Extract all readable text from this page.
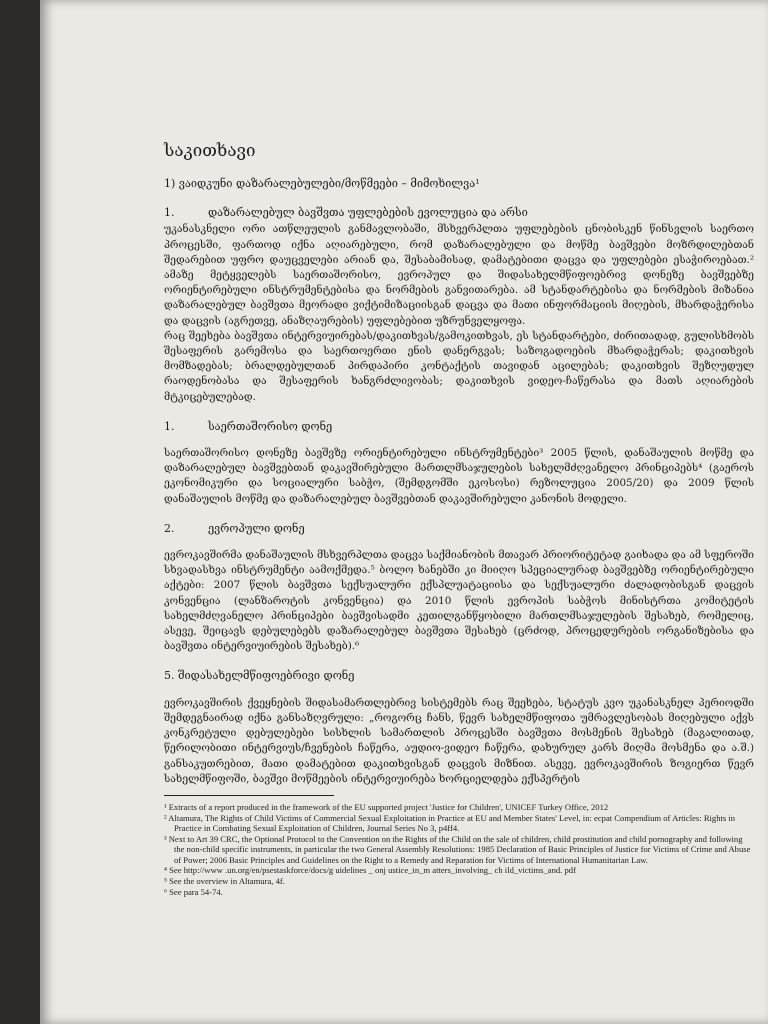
საკითხავი
1) ვაიდკუნი დაზარალებულები/მოწმეები – მიმოხილვა¹
1.	დაზარალებულ ბავშვთა უფლებების ევოლუცია და არსი

უკანასკნელი ორი ათწლეულის განმავლობაში, მსხვერპლთა უფლებების ცნობისკენ წინსვლის საერთო პროცესში, ფართოდ იქნა აღიარებული, რომ დაზარალებული და მოწმე ბავშვები მოზრდილებთან შედარებით უფრო დაუცველები არიან და, შესაბამისად, დამატებითი დაცვა და უფლებები ესაჭიროებათ.² ამაზე მეტყველებს საერთაშორისო, ევროპულ და შიდასახელმწიფოებრივ დონეზე ბავშვებზე ორიენტირებული ინსტრუმენტებისა და ნორმების განვითარება. ამ სტანდარტებისა და ნორმების მიზანია დაზარალებულ ბავშვთა მეორადი ვიქტიმიზაციისგან დაცვა და მათი ინფორმაციის მიღების, მხარდაჭერისა და დაცვის (აგრეთვე, ანაზღაურების) უფლებებით უზრუნველყოფა.

რაც შეეხება ბავშვთა ინტერვიუირებას/დაკითხვას/გამოკითხვას, ეს სტანდარტები, ძირითადად, გულისხმობს შესაფერის გარემოსა და საერთოერთი ენის დანერგვას; საზოგადოების მხარდაჭერას; დაკითხვის მომზადებას; ბრალდებულთან პირდაპირი კონტაქტის თავიდან აცილებას; დაკითხვის შეზღუდულ რაოდენობასა და შესაფერის ხანგრძლივობას; დაკითხვის ვიდეო-ჩაწერასა და მათს აღიარების მტკიცებულებად.

1.	საერთაშორისო დონე

საერთაშორისო დონეზე ბავშვზე ორიენტირებული ინსტრუმენტები³ 2005 წლის, დანაშაულის მოწმე და დაზარალებულ ბავშვებთან დაკავშირებული მართლმსაჯულების სახელმძღვანელო პრინციპებს⁴ (გაეროს ეკონომიკური და სოციალური საბჭო, (შემდგომში ეკოსოსი) რეზოლუცია 2005/20) და 2009 წლის დანაშაულის მოწმე და დაზარალებულ ბავშვებთან დაკავშირებული კანონის მოდელი.

2.	ევროპული დონე

ევროკავშირმა დანაშაულის მსხვერპლთა დაცვა საქმიანობის მთავარ პრიორიტეტად გაიხადა და ამ სფეროში სხვადასხვა ინსტრუმენტი აამოქმედა.⁵ ბოლო ხანებში კი მიიღო სპეციალურად ბავშვებზე ორიენტირებული აქტები: 2007 წლის ბავშვთა სექსუალური ექსპლუატაციისა და სექსუალური ძალადობისგან დაცვის კონვენცია (ლანზაროტის კონვენცია) და 2010 წლის ევროპის საბჭოს მინისტრთა კომიტეტის სახელმძღვანელო პრინციპები ბავშვისადმი კეთილგანწყობილი მართლმსაჯულების შესახებ, რომელიც, ასევე, შეიცავს დებულებებს დაზარალებულ ბავშვთა შესახებ (ცრძოდ, პროცედურების ორგანიზებისა და ბავშვთა ინტერვიუირების შესახებ).⁶

5. შიდასახელმწიფოებრივი დონე

ევროკავშირის ქვეყნების შიდასამართლებრივ სისტემებს რაც შეეხება, სტატუს კვო უკანასკნელ პერიოდში შემდეგნაირად იქნა განსაზღვრული: „როგორც ჩანს, წევრ სახელმწიფოთა უმრავლესობას მიღებული აქვს კონკრეტული დებულებები სისხლის სამართლის პროცესში ბავშვთა მოსმენის შესახებ (მაგალითად, წერილობითი ინტერვიუს/ჩვენების ჩაწერა, აუდიო-ვიდეო ჩაწერა, დახურულ კარს მიღმა მოსმენა და ა.შ.) განსაკუთრებით, მათი დამატებით დაკითხვისგან დაცვის მიზნით. ასევე, ევროკავშირის ზოგიერთ წევრ სახელმწიფოში, ბავშვი მოწმეების ინტერვიუირება ხორციელდება ექსპერტის

¹ Extracts of a report produced in the framework of the EU supported project 'Justice for Children', UNICEF Turkey Office, 2012
² Altamura, The Rights of Child Victims of Commercial Sexual Exploitation in Practice at EU and Member States' Level, in: ecpat Compendium of Articles: Rights in Practice in Combating Sexual Exploitation of Children, Journal Series No 3, p4ff4.
³ Next to Art 39 CRC, the Optional Protocol to the Convention on the Rights of the Child on the sale of children, child prostitution and child pornography and following the non-child specific instruments, in particular the two General Assembly Resolutions: 1985 Declaration of Basic Principles of Justice for Victims of Crime and Abuse of Power; 2006 Basic Principles and Guidelines on the Right to a Remedy and Reparation for Victims of International Humanitarian Law.
⁴ See http://www .un.org/en/psestaskforce/docs/g uidelines _ onj ustice_in_m atters_involving_ ch ild_victims_and. pdf
⁵ See the overview in Altamura, 4f.
⁶ See para 54-74.
